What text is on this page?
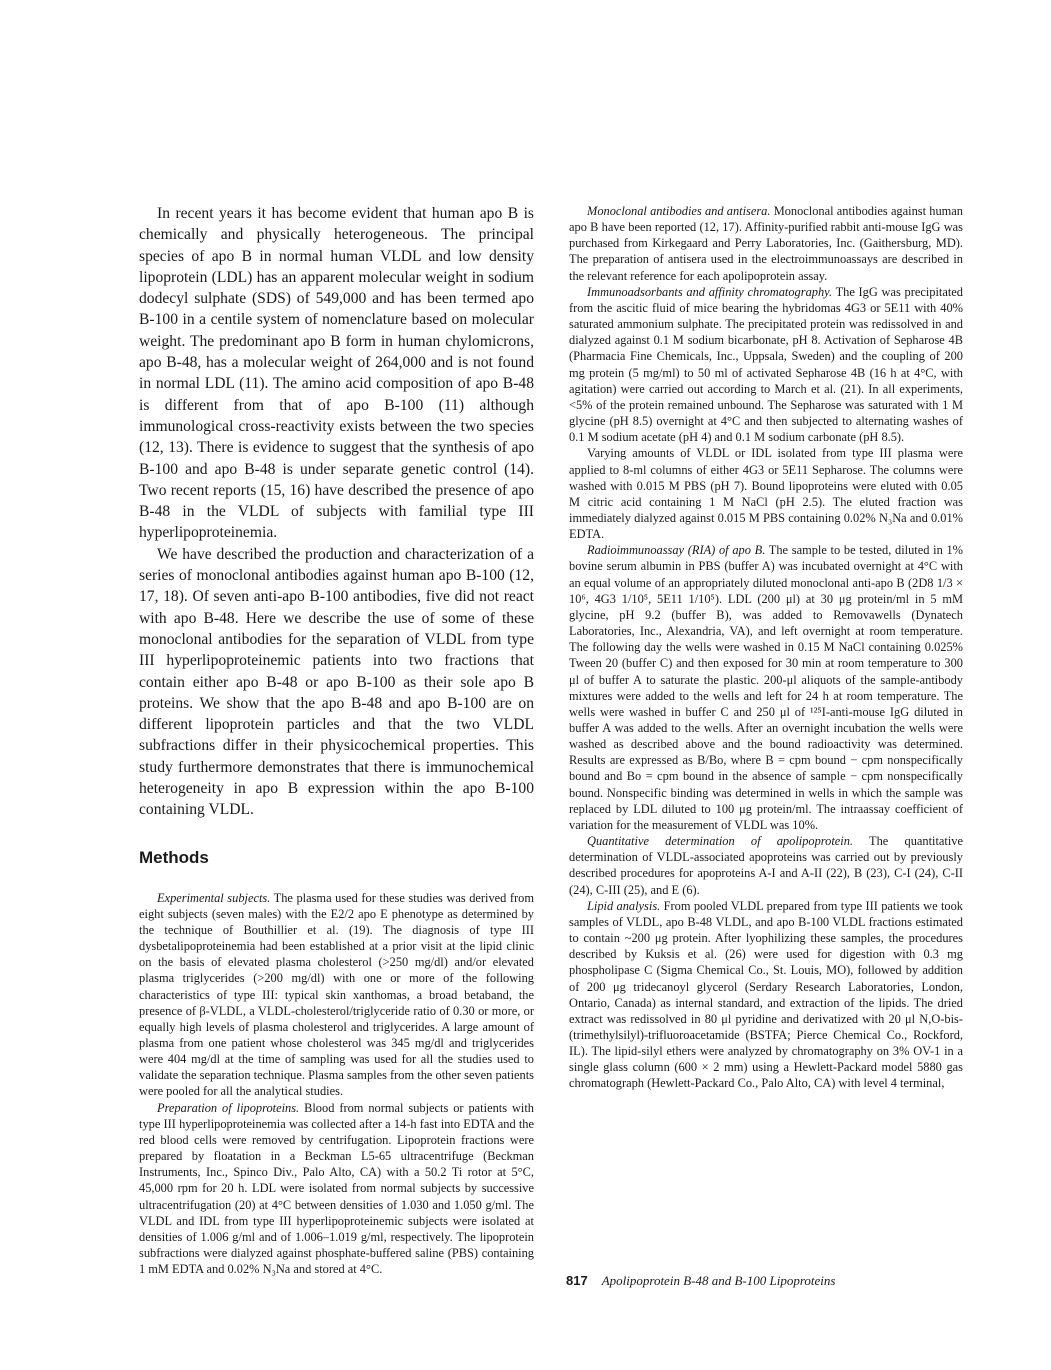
In recent years it has become evident that human apo B is chemically and physically heterogeneous. The principal species of apo B in normal human VLDL and low density lipoprotein (LDL) has an apparent molecular weight in sodium dodecyl sulphate (SDS) of 549,000 and has been termed apo B-100 in a centile system of nomenclature based on molecular weight. The predominant apo B form in human chylomicrons, apo B-48, has a molecular weight of 264,000 and is not found in normal LDL (11). The amino acid composition of apo B-48 is different from that of apo B-100 (11) although immunological cross-reactivity exists between the two species (12, 13). There is evidence to suggest that the synthesis of apo B-100 and apo B-48 is under separate genetic control (14). Two recent reports (15, 16) have described the presence of apo B-48 in the VLDL of subjects with familial type III hyperlipoproteinemia.

We have described the production and characterization of a series of monoclonal antibodies against human apo B-100 (12, 17, 18). Of seven anti-apo B-100 antibodies, five did not react with apo B-48. Here we describe the use of some of these monoclonal antibodies for the separation of VLDL from type III hyperlipoproteinemic patients into two fractions that contain either apo B-48 or apo B-100 as their sole apo B proteins. We show that the apo B-48 and apo B-100 are on different lipoprotein particles and that the two VLDL subfractions differ in their physicochemical properties. This study furthermore demonstrates that there is immunochemical heterogeneity in apo B expression within the apo B-100 containing VLDL.

Methods

Experimental subjects. The plasma used for these studies was derived from eight subjects (seven males) with the E2/2 apo E phenotype as determined by the technique of Bouthillier et al. (19). The diagnosis of type III dysbetalipoproteinemia had been established at a prior visit at the lipid clinic on the basis of elevated plasma cholesterol (>250 mg/dl) and/or elevated plasma triglycerides (>200 mg/dl) with one or more of the following characteristics of type III: typical skin xanthomas, a broad betaband, the presence of β-VLDL, a VLDL-cholesterol/triglyceride ratio of 0.30 or more, or equally high levels of plasma cholesterol and triglycerides. A large amount of plasma from one patient whose cholesterol was 345 mg/dl and triglycerides were 404 mg/dl at the time of sampling was used for all the studies used to validate the separation technique. Plasma samples from the other seven patients were pooled for all the analytical studies.

Preparation of lipoproteins. Blood from normal subjects or patients with type III hyperlipoproteinemia was collected after a 14-h fast into EDTA and the red blood cells were removed by centrifugation. Lipoprotein fractions were prepared by floatation in a Beckman L5-65 ultracentrifuge (Beckman Instruments, Inc., Spinco Div., Palo Alto, CA) with a 50.2 Ti rotor at 5°C, 45,000 rpm for 20 h. LDL were isolated from normal subjects by successive ultracentrifugation (20) at 4°C between densities of 1.030 and 1.050 g/ml. The VLDL and IDL from type III hyperlipoproteinemic subjects were isolated at densities of 1.006 g/ml and of 1.006–1.019 g/ml, respectively. The lipoprotein subfractions were dialyzed against phosphate-buffered saline (PBS) containing 1 mM EDTA and 0.02% N₃Na and stored at 4°C.

Monoclonal antibodies and antisera. Monoclonal antibodies against human apo B have been reported (12, 17). Affinity-purified rabbit anti-mouse IgG was purchased from Kirkegaard and Perry Laboratories, Inc. (Gaithersburg, MD). The preparation of antisera used in the electroimmunoassays are described in the relevant reference for each apolipoprotein assay.

Immunoadsorbants and affinity chromatography. The IgG was precipitated from the ascitic fluid of mice bearing the hybridomas 4G3 or 5E11 with 40% saturated ammonium sulphate. The precipitated protein was redissolved in and dialyzed against 0.1 M sodium bicarbonate, pH 8. Activation of Sepharose 4B (Pharmacia Fine Chemicals, Inc., Uppsala, Sweden) and the coupling of 200 mg protein (5 mg/ml) to 50 ml of activated Sepharose 4B (16 h at 4°C, with agitation) were carried out according to March et al. (21). In all experiments, <5% of the protein remained unbound. The Sepharose was saturated with 1 M glycine (pH 8.5) overnight at 4°C and then subjected to alternating washes of 0.1 M sodium acetate (pH 4) and 0.1 M sodium carbonate (pH 8.5).

Varying amounts of VLDL or IDL isolated from type III plasma were applied to 8-ml columns of either 4G3 or 5E11 Sepharose. The columns were washed with 0.015 M PBS (pH 7). Bound lipoproteins were eluted with 0.05 M citric acid containing 1 M NaCl (pH 2.5). The eluted fraction was immediately dialyzed against 0.015 M PBS containing 0.02% N₃Na and 0.01% EDTA.

Radioimmunoassay (RIA) of apo B. The sample to be tested, diluted in 1% bovine serum albumin in PBS (buffer A) was incubated overnight at 4°C with an equal volume of an appropriately diluted monoclonal anti-apo B (2D8 1/3 × 10⁶, 4G3 1/10⁵, 5E11 1/10⁵). LDL (200 μl) at 30 μg protein/ml in 5 mM glycine, pH 9.2 (buffer B), was added to Removawells (Dynatech Laboratories, Inc., Alexandria, VA), and left overnight at room temperature. The following day the wells were washed in 0.15 M NaCl containing 0.025% Tween 20 (buffer C) and then exposed for 30 min at room temperature to 300 μl of buffer A to saturate the plastic. 200-μl aliquots of the sample-antibody mixtures were added to the wells and left for 24 h at room temperature. The wells were washed in buffer C and 250 μl of ¹²⁵I-anti-mouse IgG diluted in buffer A was added to the wells. After an overnight incubation the wells were washed as described above and the bound radioactivity was determined. Results are expressed as B/Bo, where B = cpm bound − cpm nonspecifically bound and Bo = cpm bound in the absence of sample − cpm nonspecifically bound. Nonspecific binding was determined in wells in which the sample was replaced by LDL diluted to 100 μg protein/ml. The intraassay coefficient of variation for the measurement of VLDL was 10%.

Quantitative determination of apolipoprotein. The quantitative determination of VLDL-associated apoproteins was carried out by previously described procedures for apoproteins A-I and A-II (22), B (23), C-I (24), C-II (24), C-III (25), and E (6).

Lipid analysis. From pooled VLDL prepared from type III patients we took samples of VLDL, apo B-48 VLDL, and apo B-100 VLDL fractions estimated to contain ~200 μg protein. After lyophilizing these samples, the procedures described by Kuksis et al. (26) were used for digestion with 0.3 mg phospholipase C (Sigma Chemical Co., St. Louis, MO), followed by addition of 200 μg tridecanoyl glycerol (Serdary Research Laboratories, London, Ontario, Canada) as internal standard, and extraction of the lipids. The dried extract was redissolved in 80 μl pyridine and derivatized with 20 μl N,O-bis-(trimethylsilyl)-trifluoroacetamide (BSTFA; Pierce Chemical Co., Rockford, IL). The lipid-silyl ethers were analyzed by chromatography on 3% OV-1 in a single glass column (600 × 2 mm) using a Hewlett-Packard model 5880 gas chromatograph (Hewlett-Packard Co., Palo Alto, CA) with level 4 terminal,

817 Apolipoprotein B-48 and B-100 Lipoproteins
